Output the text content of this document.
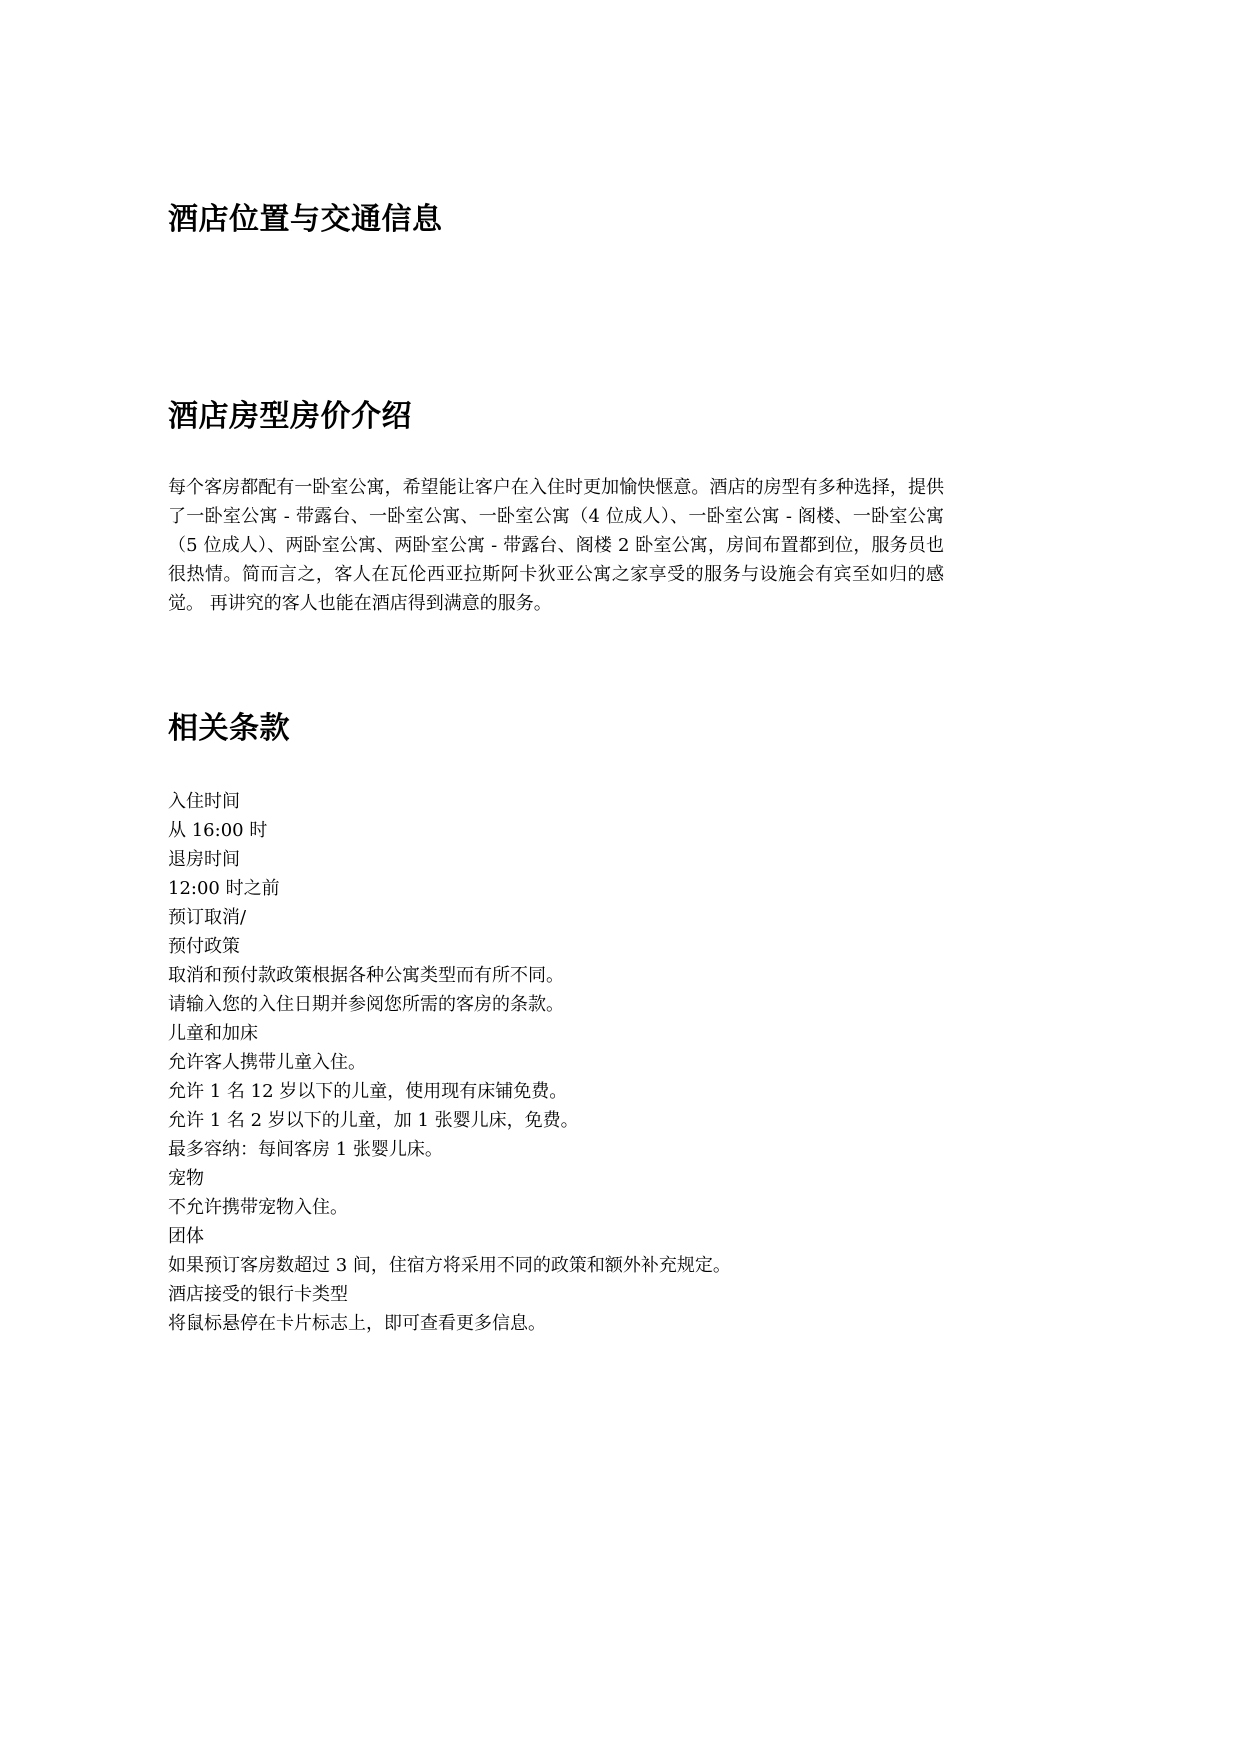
酒店位置与交通信息
酒店房型房价介绍

每个客房都配有一卧室公寓，希望能让客户在入住时更加愉快惬意。酒店的房型有多种选择，提供了一卧室公寓 - 带露台、一卧室公寓、一卧室公寓（4 位成人）、一卧室公寓 - 阁楼、一卧室公寓（5 位成人）、两卧室公寓、两卧室公寓 - 带露台、阁楼 2 卧室公寓，房间布置都到位，服务员也很热情。简而言之，客人在瓦伦西亚拉斯阿卡狄亚公寓之家享受的服务与设施会有宾至如归的感觉。 再讲究的客人也能在酒店得到满意的服务。

相关条款
入住时间
从 16:00 时
退房时间
12:00 时之前
预订取消/
预付政策
取消和预付款政策根据各种公寓类型而有所不同。
请输入您的入住日期并参阅您所需的客房的条款。
儿童和加床
允许客人携带儿童入住。
允许 1 名 12 岁以下的儿童，使用现有床铺免费。
允许 1 名 2 岁以下的儿童，加 1 张婴儿床，免费。
最多容纳：每间客房 1 张婴儿床。
宠物
不允许携带宠物入住。
团体
如果预订客房数超过 3 间，住宿方将采用不同的政策和额外补充规定。
酒店接受的银行卡类型
将鼠标悬停在卡片标志上，即可查看更多信息。
